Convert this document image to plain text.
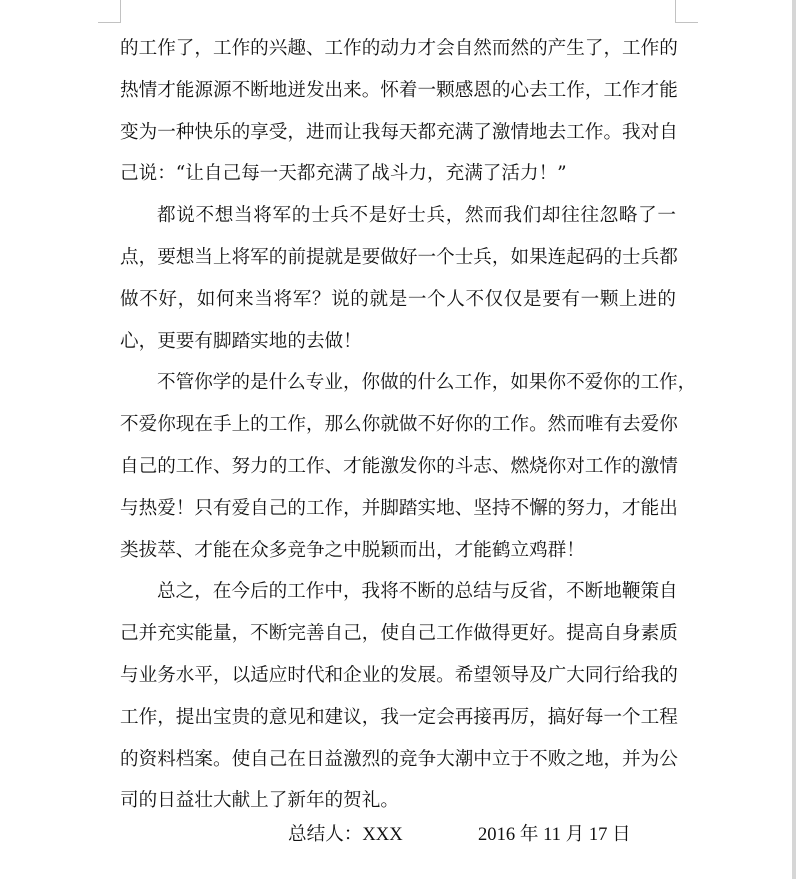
的工作了，工作的兴趣、工作的动力才会自然而然的产生了，工作的
热情才能源源不断地迸发出来。怀着一颗感恩的心去工作，工作才能
变为一种快乐的享受，进而让我每天都充满了激情地去工作。我对自
己说：“让自己每一天都充满了战斗力，充满了活力！”
都说不想当将军的士兵不是好士兵，然而我们却往往忽略了一
点，要想当上将军的前提就是要做好一个士兵，如果连起码的士兵都
做不好，如何来当将军？说的就是一个人不仅仅是要有一颗上进的
心，更要有脚踏实地的去做！
不管你学的是什么专业，你做的什么工作，如果你不爱你的工作，
不爱你现在手上的工作，那么你就做不好你的工作。然而唯有去爱你
自己的工作、努力的工作、才能激发你的斗志、燃烧你对工作的激情
与热爱！只有爱自己的工作，并脚踏实地、坚持不懈的努力，才能出
类拔萃、才能在众多竞争之中脱颖而出，才能鹤立鸡群！
总之，在今后的工作中，我将不断的总结与反省，不断地鞭策自
己并充实能量，不断完善自己，使自己工作做得更好。提高自身素质
与业务水平，以适应时代和企业的发展。希望领导及广大同行给我的
工作，提出宝贵的意见和建议，我一定会再接再厉，搞好每一个工程
的资料档案。使自己在日益激烈的竞争大潮中立于不败之地，并为公
司的日益壮大献上了新年的贺礼。
总结人：XXX	2016 年 11 月 17 日
